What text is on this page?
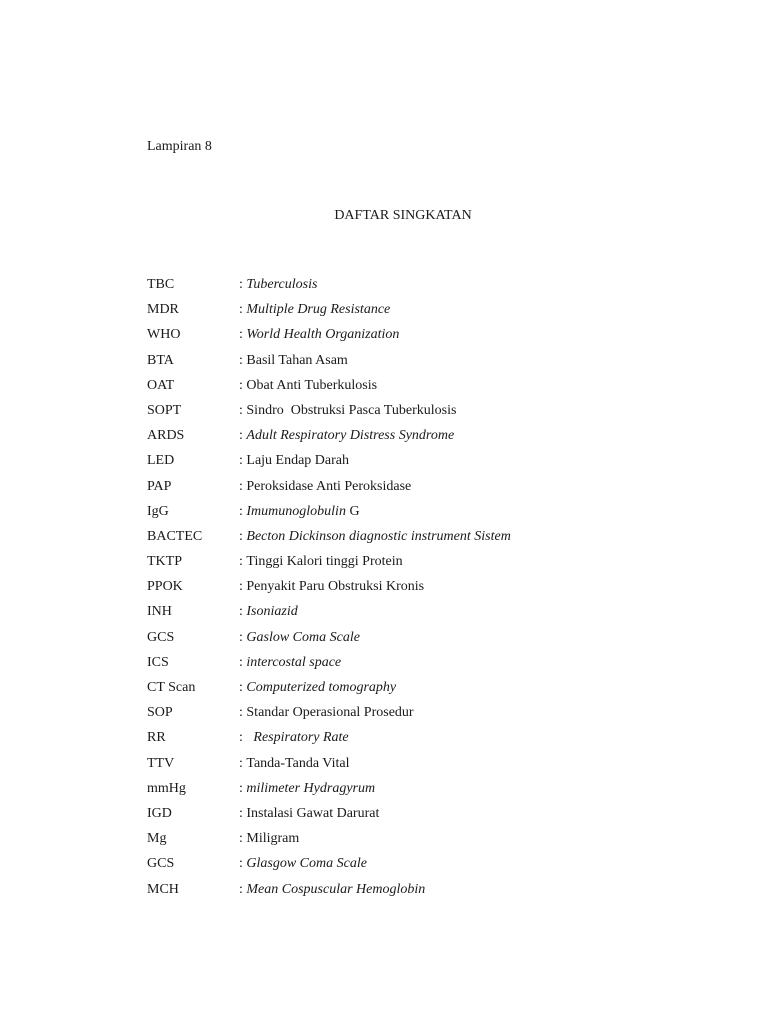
Lampiran 8
DAFTAR SINGKATAN
TBC	: Tuberculosis
MDR	: Multiple Drug Resistance
WHO	: World Health Organization
BTA	: Basil Tahan Asam
OAT	: Obat Anti Tuberkulosis
SOPT	: Sindro  Obstruksi Pasca Tuberkulosis
ARDS	: Adult Respiratory Distress Syndrome
LED	: Laju Endap Darah
PAP	: Peroksidase Anti Peroksidase
IgG	: Imumunoglobulin G
BACTEC	: Becton Dickinson diagnostic instrument Sistem
TKTP	: Tinggi Kalori tinggi Protein
PPOK	: Penyakit Paru Obstruksi Kronis
INH	: Isoniazid
GCS	: Gaslow Coma Scale
ICS	: intercostal space
CT Scan	: Computerized tomography
SOP	: Standar Operasional Prosedur
RR	: Respiratory Rate
TTV	: Tanda-Tanda Vital
mmHg	: milimeter Hydragyrum
IGD	: Instalasi Gawat Darurat
Mg	: Miligram
GCS	: Glasgow Coma Scale
MCH	: Mean Cospuscular Hemoglobin
